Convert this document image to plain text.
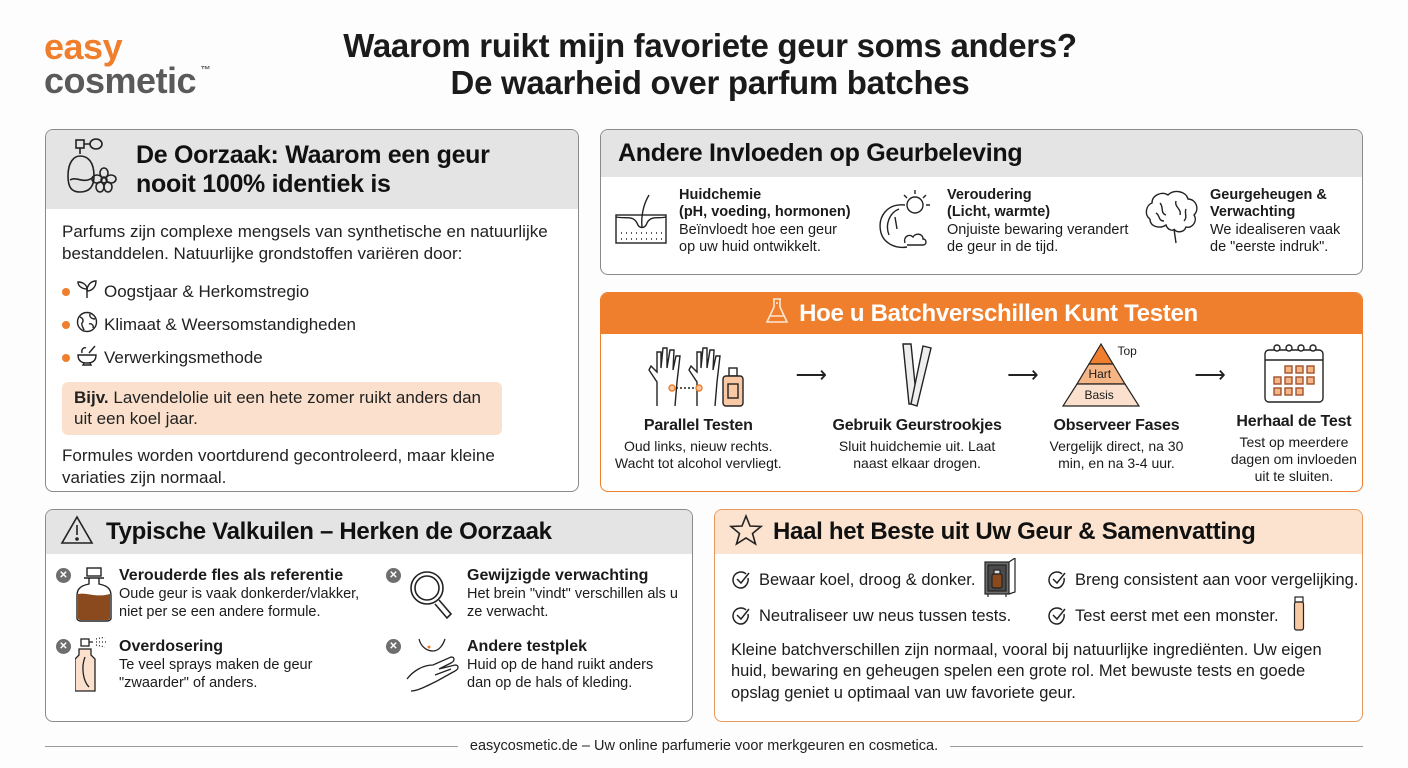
easy
cosmetic ™
Waarom ruikt mijn favoriete geur soms anders?
De waarheid over parfum batches
De Oorzaak: Waarom een geur nooit 100% identiek is

Parfums zijn complexe mengsels van synthetische en natuurlijke bestanddelen. Natuurlijke grondstoffen variëren door:

Oogstjaar & Herkomstregio
Klimaat & Weersomstandigheden
Verwerkingsmethode
Bijv. Lavendelolie uit een hete zomer ruikt anders dan uit een koel jaar.

Formules worden voortdurend gecontroleerd, maar kleine variaties zijn normaal.

Andere Invloeden op Geurbeleving
Huidchemie
(pH, voeding, hormonen)
Beïnvloedt hoe een geur op uw huid ontwikkelt.
Veroudering
(Licht, warmte)
Onjuiste bewaring verandert de geur in de tijd.
Geurgeheugen & Verwachting
We idealiseren vaak de "eerste indruk".
Hoe u Batchverschillen Kunt Testen
Parallel Testen
Oud links, nieuw rechts. Wacht tot alcohol vervliegt.
⟶
Gebruik Geurstrookjes
Sluit huidchemie uit. Laat naast elkaar drogen.
⟶
Top
Hart
Basis
Observeer Fases
Vergelijk direct, na 30 min, en na 3-4 uur.
⟶
Herhaal de Test
Test op meerdere dagen om invloeden uit te sluiten.
Typische Valkuilen – Herken de Oorzaak
✕	Verouderde fles als referentie
Oude geur is vaak donkerder/vlakker, niet per se een andere formule.
✕	Gewijzigde verwachting
Het brein "vindt" verschillen als u ze verwacht.
✕	Overdosering
Te veel sprays maken de geur "zwaarder" of anders.
✕	Andere testplek
Huid op de hand ruikt anders dan op de hals of kleding.
Haal het Beste uit Uw Geur & Samenvatting
Bewaar koel, droog & donker.	Breng consistent aan voor vergelijking.
Neutraliseer uw neus tussen tests.	Test eerst met een monster.

Kleine batchverschillen zijn normaal, vooral bij natuurlijke ingrediënten. Uw eigen huid, bewaring en geheugen spelen een grote rol. Met bewuste tests en goede opslag geniet u optimaal van uw favoriete geur.

easycosmetic.de – Uw online parfumerie voor merkgeuren en cosmetica.
